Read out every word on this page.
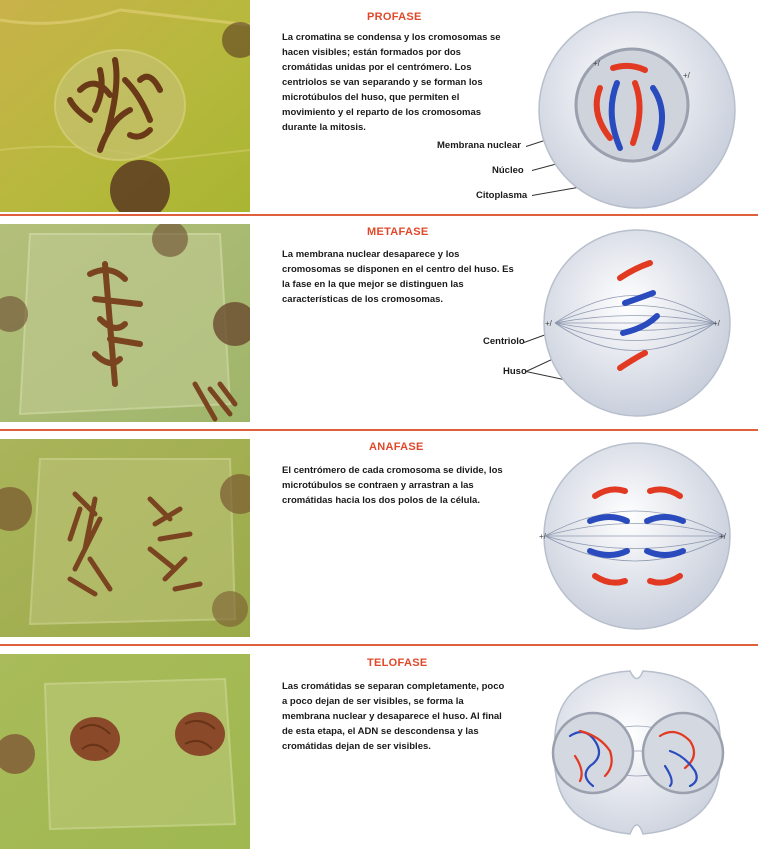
PROFASE

La cromatina se condensa y los cromosomas se hacen visibles; están formados por dos cromátidas unidas por el centrómero. Los centriolos se van separando y se forman los microtúbulos del huso, que permiten el movimiento y el reparto de los cromosomas durante la mitosis.

Membrana nuclear
Núcleo
Citoplasma
+/
+/
METAFASE

La membrana nuclear desaparece y los cromosomas se disponen en el centro del huso. Es la fase en la que mejor se distinguen las características de los cromosomas.

Centriolo
Huso
+/	+/
ANAFASE

El centrómero de cada cromosoma se divide, los microtúbulos se contraen y arrastran a las cromátidas hacia los dos polos de la célula.

+/	+/
TELOFASE

Las cromátidas se separan completamente, poco a poco dejan de ser visibles, se forma la membrana nuclear y desaparece el huso. Al final de esta etapa, el ADN se descondensa y las cromátidas dejan de ser visibles.
